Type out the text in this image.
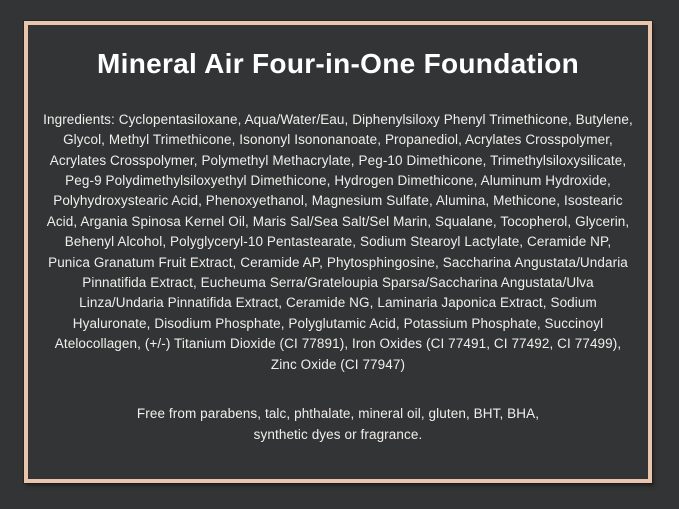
Mineral Air Four-in-One Foundation
Ingredients: Cyclopentasiloxane, Aqua/Water/Eau, Diphenylsiloxy Phenyl Trimethicone, Butylene, Glycol, Methyl Trimethicone, Isononyl Isononanoate, Propanediol, Acrylates Crosspolymer, Acrylates Crosspolymer, Polymethyl Methacrylate, Peg-10 Dimethicone, Trimethylsiloxysilicate, Peg-9 Polydimethylsiloxyethyl Dimethicone, Hydrogen Dimethicone, Aluminum Hydroxide, Polyhydroxystearic Acid, Phenoxyethanol, Magnesium Sulfate, Alumina, Methicone, Isostearic Acid, Argania Spinosa Kernel Oil, Maris Sal/Sea Salt/Sel Marin, Squalane, Tocopherol, Glycerin, Behenyl Alcohol, Polyglyceryl-10 Pentastearate, Sodium Stearoyl Lactylate, Ceramide NP, Punica Granatum Fruit Extract, Ceramide AP, Phytosphingosine, Saccharina Angustata/Undaria Pinnatifida Extract, Eucheuma Serra/Grateloupia Sparsa/Saccharina Angustata/Ulva Linza/Undaria Pinnatifida Extract, Ceramide NG, Laminaria Japonica Extract, Sodium Hyaluronate, Disodium Phosphate, Polyglutamic Acid, Potassium Phosphate, Succinoyl Atelocollagen, (+/-) Titanium Dioxide (CI 77891), Iron Oxides (CI 77491, CI 77492, CI 77499), Zinc Oxide (CI 77947)
Free from parabens, talc, phthalate, mineral oil, gluten, BHT, BHA,
synthetic dyes or fragrance.
